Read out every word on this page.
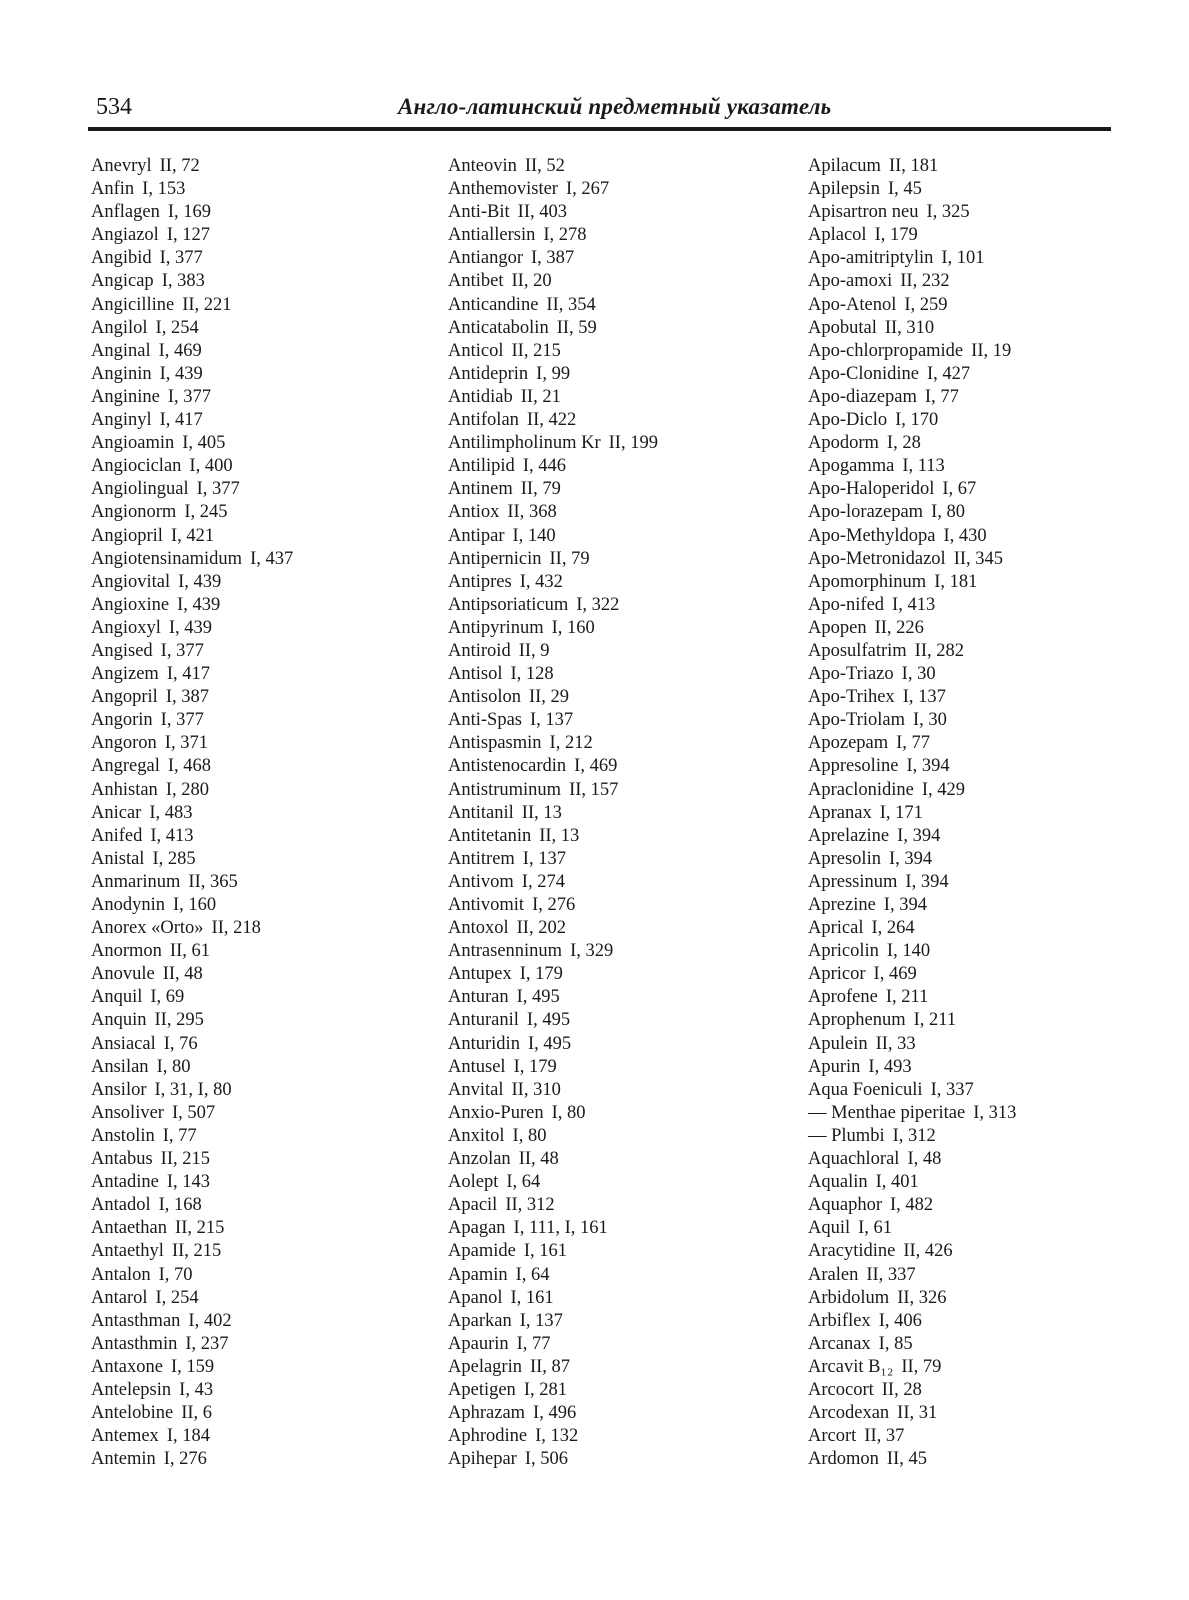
534	Англо-латинский предметный указатель
Anevryl II, 72
Anfin I, 153
Anflagen I, 169
Angiazol I, 127
Angibid I, 377
Angicap I, 383
Angicilline II, 221
Angilol I, 254
Anginal I, 469
Anginin I, 439
Anginine I, 377
Anginyl I, 417
Angioamin I, 405
Angiociclan I, 400
Angiolingual I, 377
Angionorm I, 245
Angiopril I, 421
Angiotensinamidum I, 437
Angiovital I, 439
Angioxine I, 439
Angioxyl I, 439
Angised I, 377
Angizem I, 417
Angopril I, 387
Angorin I, 377
Angoron I, 371
Angregal I, 468
Anhistan I, 280
Anicar I, 483
Anifed I, 413
Anistal I, 285
Anmarinum II, 365
Anodynin I, 160
Anorex «Orto» II, 218
Anormon II, 61
Anovule II, 48
Anquil I, 69
Anquin II, 295
Ansiacal I, 76
Ansilan I, 80
Ansilor I, 31, I, 80
Ansoliver I, 507
Anstolin I, 77
Antabus II, 215
Antadine I, 143
Antadol I, 168
Antaethan II, 215
Antaethyl II, 215
Antalon I, 70
Antarol I, 254
Antasthman I, 402
Antasthmin I, 237
Antaxone I, 159
Antelepsin I, 43
Antelobine II, 6
Antemex I, 184
Antemin I, 276
Anteovin II, 52
Anthemovister I, 267
Anti-Bit II, 403
Antiallersin I, 278
Antiangor I, 387
Antibet II, 20
Anticandine II, 354
Anticatabolin II, 59
Anticol II, 215
Antideprin I, 99
Antidiab II, 21
Antifolan II, 422
Antilimpholinum Kr II, 199
Antilipid I, 446
Antinem II, 79
Antiox II, 368
Antipar I, 140
Antipernicin II, 79
Antipres I, 432
Antipsoriaticum I, 322
Antipyrinum I, 160
Antiroid II, 9
Antisol I, 128
Antisolon II, 29
Anti-Spas I, 137
Antispasmin I, 212
Antistenocardin I, 469
Antistruminum II, 157
Antitanil II, 13
Antitetanin II, 13
Antitrem I, 137
Antivom I, 274
Antivomit I, 276
Antoxol II, 202
Antrasenninum I, 329
Antupex I, 179
Anturan I, 495
Anturanil I, 495
Anturidin I, 495
Antusel I, 179
Anvital II, 310
Anxio-Puren I, 80
Anxitol I, 80
Anzolan II, 48
Aolept I, 64
Apacil II, 312
Apagan I, 111, I, 161
Apamide I, 161
Apamin I, 64
Apanol I, 161
Aparkan I, 137
Apaurin I, 77
Apelagrin II, 87
Apetigen I, 281
Aphrazam I, 496
Aphrodine I, 132
Apihepar I, 506
Apilacum II, 181
Apilepsin I, 45
Apisartron neu I, 325
Aplacol I, 179
Apo-amitriptylin I, 101
Apo-amoxi II, 232
Apo-Atenol I, 259
Apobutal II, 310
Apo-chlorpropamide II, 19
Apo-Clonidine I, 427
Apo-diazepam I, 77
Apo-Diclo I, 170
Apodorm I, 28
Apogamma I, 113
Apo-Haloperidol I, 67
Apo-lorazepam I, 80
Apo-Methyldopa I, 430
Apo-Metronidazol II, 345
Apomorphinum I, 181
Apo-nifed I, 413
Apopen II, 226
Aposulfatrim II, 282
Apo-Triazo I, 30
Apo-Trihex I, 137
Apo-Triolam I, 30
Apozepam I, 77
Appresoline I, 394
Apraclonidine I, 429
Apranax I, 171
Aprelazine I, 394
Apresolin I, 394
Apressinum I, 394
Aprezine I, 394
Aprical I, 264
Apricolin I, 140
Apricor I, 469
Aprofene I, 211
Aprophenum I, 211
Apulein II, 33
Apurin I, 493
Aqua Foeniculi I, 337
— Menthae piperitae I, 313
— Plumbi I, 312
Aquachloral I, 48
Aqualin I, 401
Aquaphor I, 482
Aquil I, 61
Aracytidine II, 426
Aralen II, 337
Arbidolum II, 326
Arbiflex I, 406
Arcanax I, 85
Arcavit B₁₂ II, 79
Arcocort II, 28
Arcodexan II, 31
Arcort II, 37
Ardomon II, 45
